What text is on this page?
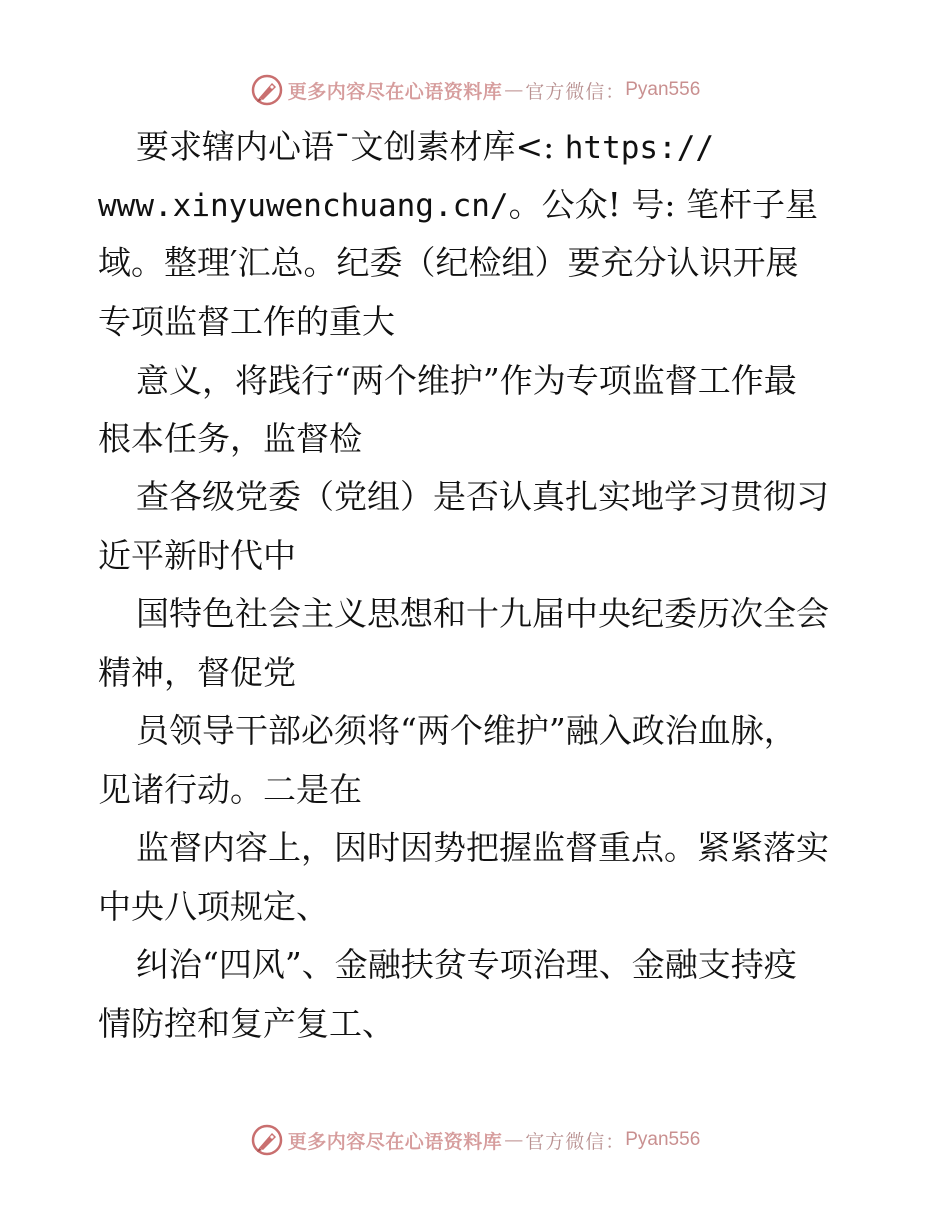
更多内容尽在心语资料库 — 官方微信： Pyan556
要求辖内心语¯文创素材库<: https://
www.xinyuwenchuang.cn/。公众! 号: 笔杆子星
域。整理′汇总。纪委（纪检组）要充分认识开展
专项监督工作的重大
意义，将践行“两个维护”作为专项监督工作最
根本任务，监督检
查各级党委（党组）是否认真扎实地学习贯彻习
近平新时代中
国特色社会主义思想和十九届中央纪委历次全会
精神，督促党
员领导干部必须将“两个维护”融入政治血脉，
见诸行动。二是在
监督内容上，因时因势把握监督重点。紧紧落实
中央八项规定、
纠治“四风”、金融扶贫专项治理、金融支持疫
情防控和复产复工、
更多内容尽在心语资料库 — 官方微信： Pyan556
